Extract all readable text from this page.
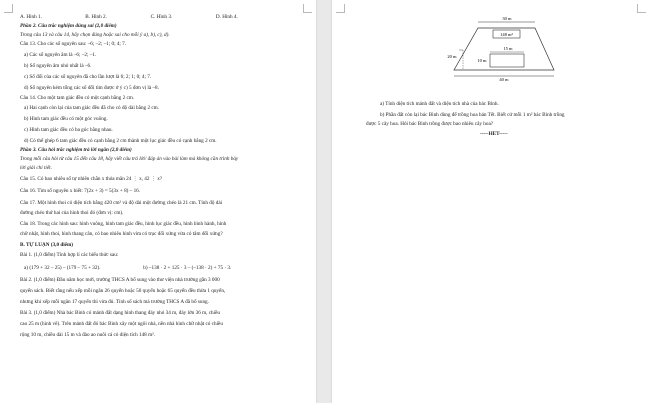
A. Hình 1.	B. Hình 2.	C. Hình 3.	D. Hình 4.
Phần 2. Câu trắc nghiệm đúng sai (2,0 điểm)
Trong câu 13 và câu 14, hãy chọn đúng hoặc sai cho mỗi ý a), b), c), d).
Câu 13. Cho các số nguyên sau: –6; –2; –1; 0; 4; 7.
a) Các số nguyên âm là –6; –2; –1.
b) Số nguyên âm nhỏ nhất là –6.
c) Số đối của các số nguyên đã cho lần lượt là 6; 2; 1; 0; 4; 7.
d) Số nguyên kém tổng các số đối tìm được ở ý c) 5 đơn vị là –8.
Câu 14. Cho một tam giác đều có một cạnh bằng 2 cm.
a) Hai cạnh còn lại của tam giác đều đã cho có độ dài bằng 2 cm.
b) Hình tam giác đều có một góc vuông.
c) Hình tam giác đều có ba góc bằng nhau.
d) Có thể ghép 6 tam giác đều có cạnh bằng 2 cm thành một lục giác đều có cạnh bằng 2 cm.
Phần 3. Câu hỏi trắc nghiệm trả lời ngắn (2,0 điểm)
Trong mỗi câu hỏi từ câu 15 đến câu 18, hãy viết câu trả lời/ đáp án vào bài làm mà không cần trình bày
lời giải chi tiết.
Câu 15. Có bao nhiêu số tự nhiên chẵn x thỏa mãn 24 ⋮ x, 42 ⋮ x?
Câu 16. Tìm số nguyên x biết: 7(2x + 3) = 5(3x + 8) – 16.
Câu 17. Một hình thoi có diện tích bằng 420 cm² và độ dài một đường chéo là 21 cm. Tính độ dài
đường chéo thứ hai của hình thoi đó (đơn vị: cm).
Câu 18. Trong các hình sau: hình vuông, hình tam giác đều, hình lục giác đều, hình bình hành, hình
chữ nhật, hình thoi, hình thang cân, có bao nhiêu hình vừa có trục đối xứng vừa có tâm đối xứng?
B. TỰ LUẬN (3,0 điểm)
Bài 1. (1,0 điểm) Tính hợp lí các biểu thức sau:
a) (179 + 32 – 25) – (179 – 75 + 32).	b) –138 · 2 + 125 · 3 – (–138 · 2) + 75 · 3.
Bài 2. (1,0 điểm) Đầu năm học mới, trường THCS A bổ sung vào thư viện nhà trường gần 3 000
quyển sách. Biết rằng nếu xếp mỗi ngăn 26 quyển hoặc 50 quyển hoặc 65 quyển đều thừa 1 quyển,
nhưng khi xếp mỗi ngăn 17 quyển thì vừa đủ. Tính số sách mà trường THCS A đã bổ sung.
Bài 3. (1,0 điểm) Nhà bác Bình có mảnh đất dạng hình thang đáy nhỏ 34 m, đáy lớn 36 m, chiều
cao 25 m (hình vẽ). Trên mảnh đất đó bác Bình xây một ngôi nhà, nền nhà hình chữ nhật có chiều
rộng 10 m, chiều dài 15 m và đào ao nuôi cá có diện tích 148 m².
30 m
148 m²
20 m
15 m
10 m
40 m
a) Tính diện tích mảnh đất và diện tích nhà của bác Bình.
b) Phần đất còn lại bác Bình dùng để trồng hoa bán Tết. Biết cứ mỗi 1 m² bác Bình trồng
được 5 cây hoa. Hỏi bác Bình trồng được bao nhiêu cây hoa?
-----HẾT-----
